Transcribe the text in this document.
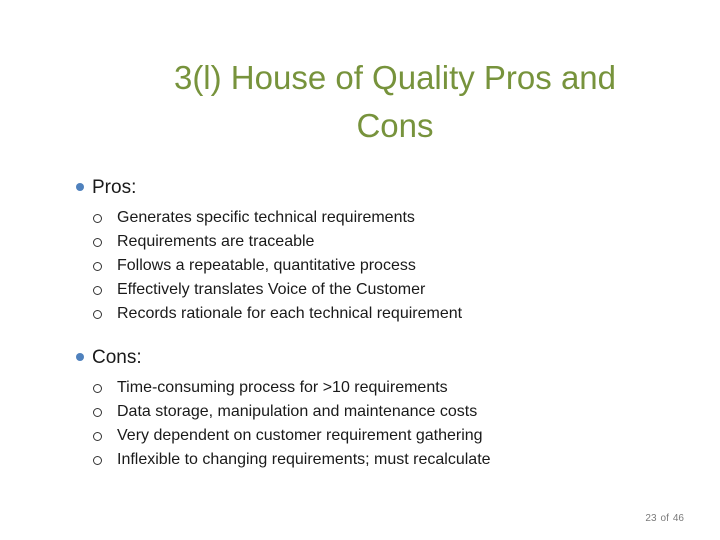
3(l) House of Quality Pros and
Cons
Pros:
Generates specific technical requirements
Requirements are traceable
Follows a repeatable, quantitative process
Effectively translates Voice of the Customer
Records rationale for each technical requirement
Cons:
Time-consuming process for >10 requirements
Data storage, manipulation and maintenance costs
Very dependent on customer requirement gathering
Inflexible to changing requirements; must recalculate
23 of 46
